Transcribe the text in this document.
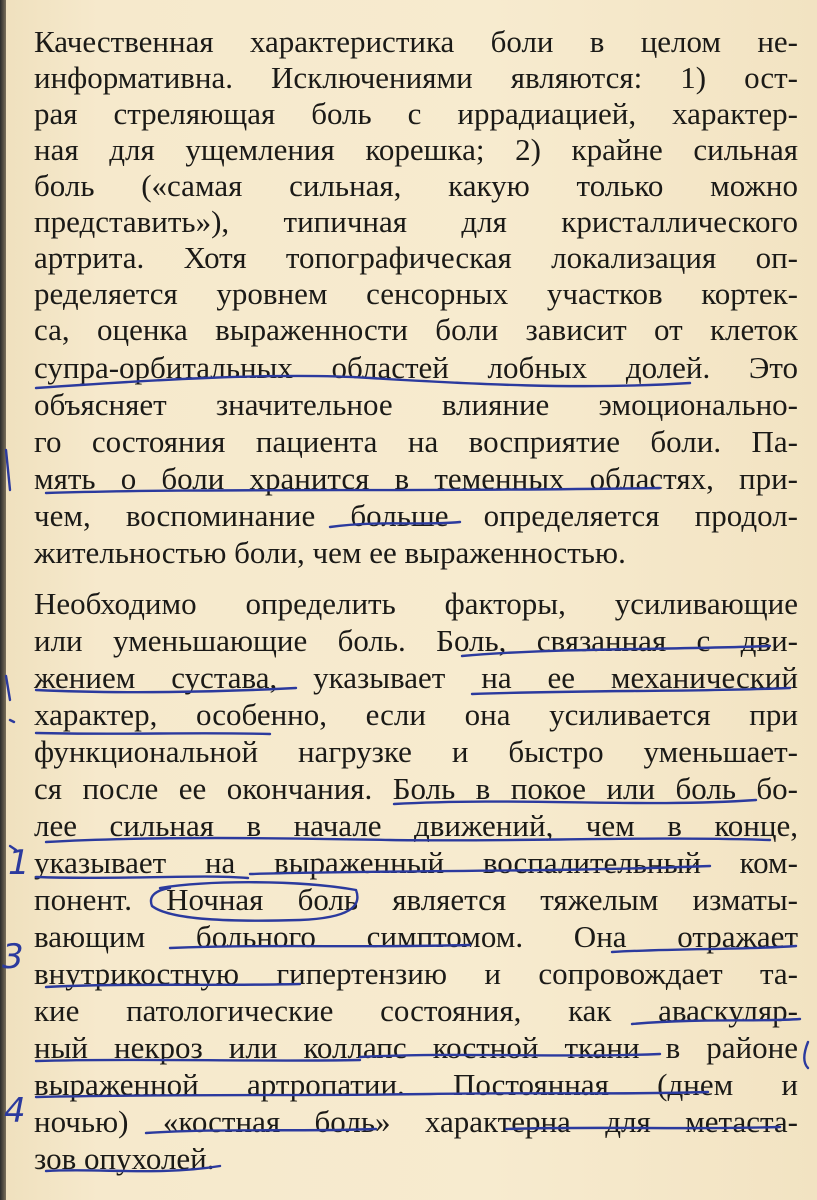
Качественная характеристика боли в целом не-
информативна. Исключениями являются: 1) ост-
рая стреляющая боль с иррадиацией, характер-
ная для ущемления корешка; 2) крайне сильная
боль («самая сильная, какую только можно
представить»), типичная для кристаллического
артрита. Хотя топографическая локализация оп-
ределяется уровнем сенсорных участков кортек-
са, оценка выраженности боли зависит от клеток
супра-орбитальных областей лобных долей. Это
объясняет значительное влияние эмоционально-
го состояния пациента на восприятие боли. Па-
мять о боли хранится в теменных областях, при-
чем, воспоминание больше определяется продол-
жительностью боли, чем ее выраженностью.
Необходимо определить факторы, усиливающие
или уменьшающие боль. Боль, связанная с дви-
жением сустава, указывает на ее механический
характер, особенно, если она усиливается при
функциональной нагрузке и быстро уменьшает-
ся после ее окончания. Боль в покое или боль бо-
лее сильная в начале движений, чем в конце,
указывает на выраженный воспалительный ком-
понент. Ночная боль является тяжелым изматы-
вающим больного симптомом. Она отражает
внутрикостную гипертензию и сопровождает та-
кие патологические состояния, как аваскуляр-
ный некроз или коллапс костной ткани в районе
выраженной артропатии. Постоянная (днем и
ночью) «костная боль» характерна для метаста-
зов опухолей.
1
3
4
